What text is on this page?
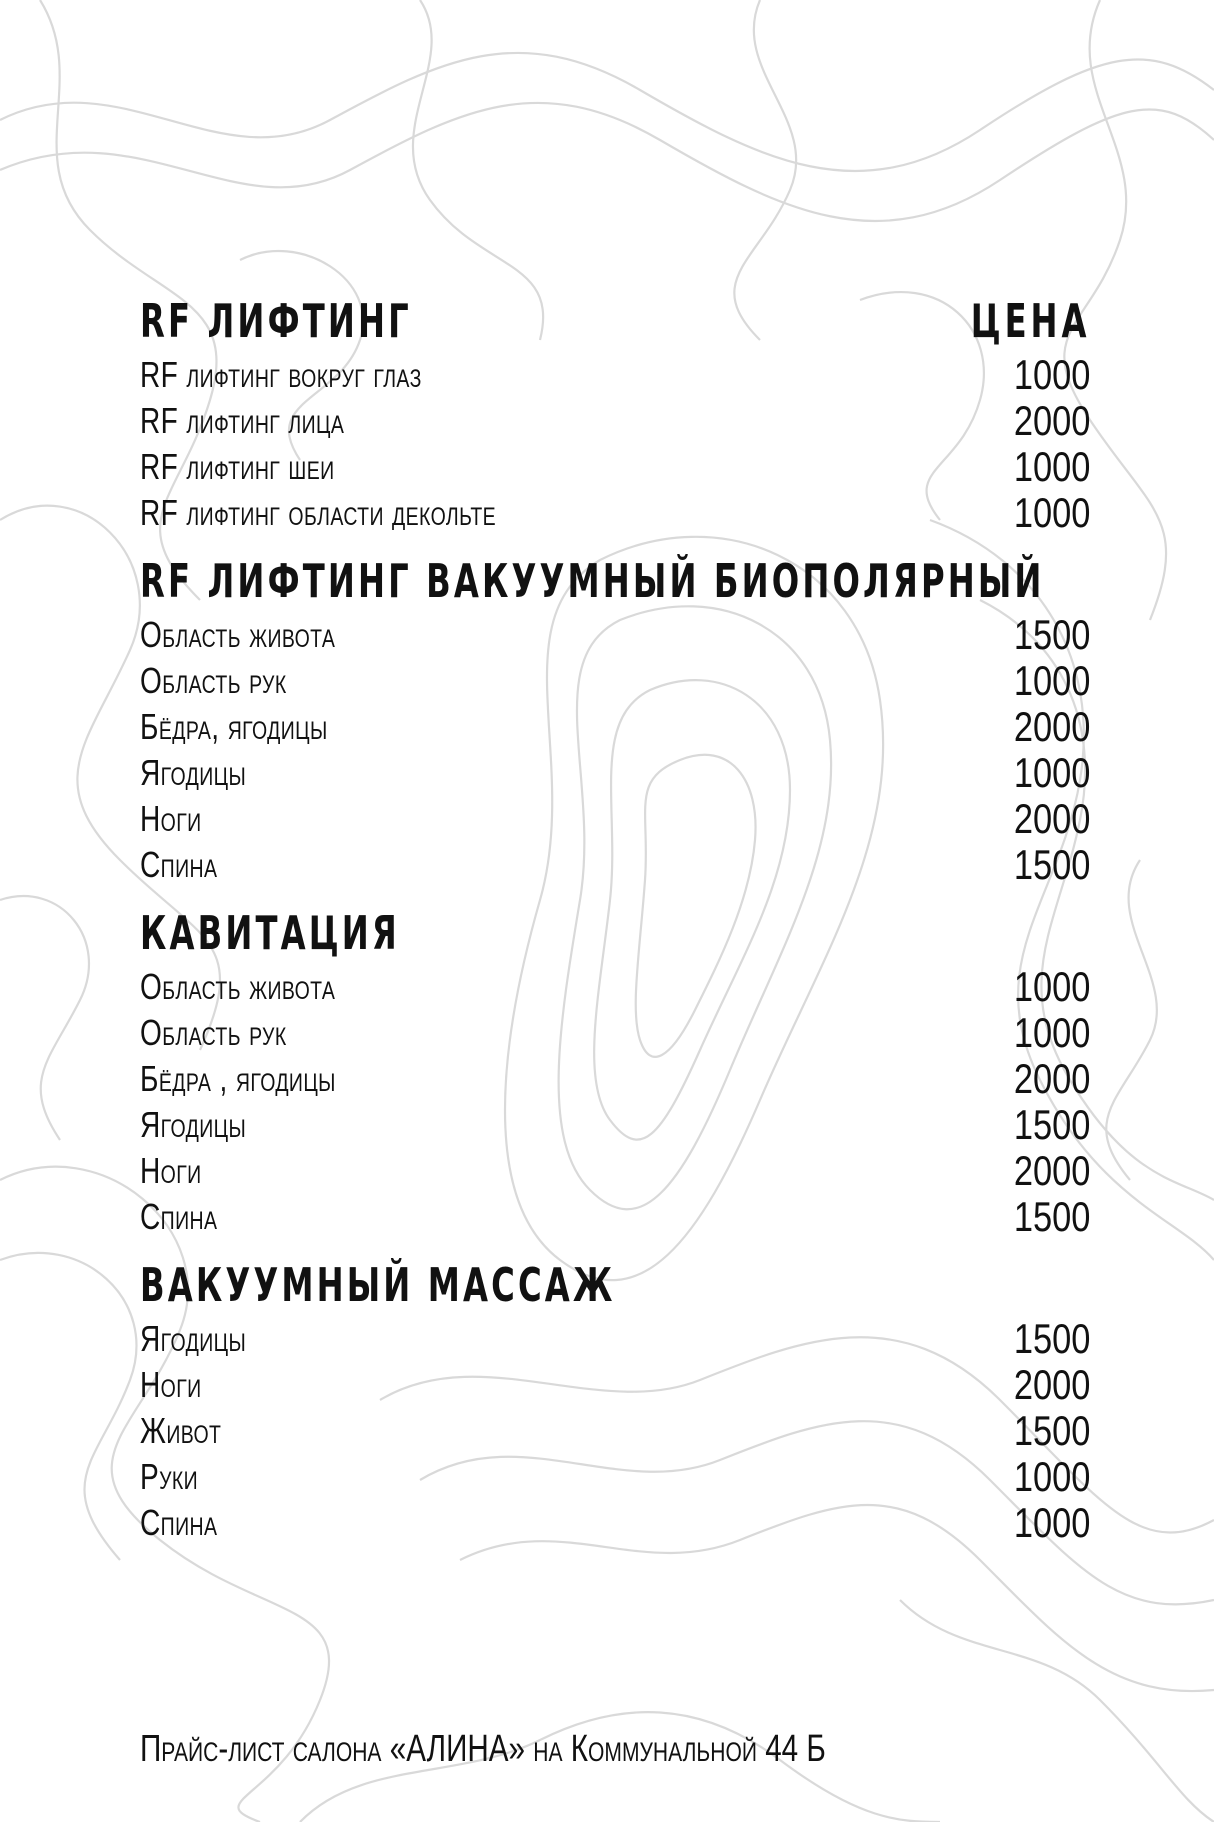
RF ЛИФТИНГ	ЦЕНА
RF лифтинг вокруг глаз	1000
RF лифтинг лица	2000
RF лифтинг шеи	1000
RF лифтинг области декольте	1000
RF ЛИФТИНГ ВАКУУМНЫЙ БИОПОЛЯРНЫЙ
Область живота	1500
Область рук	1000
Бёдра, ягодицы	2000
Ягодицы	1000
Ноги	2000
Спина	1500
КАВИТАЦИЯ
Область живота	1000
Область рук	1000
Бёдра , ягодицы	2000
Ягодицы	1500
Ноги	2000
Спина	1500
ВАКУУМНЫЙ МАССАЖ
Ягодицы	1500
Ноги	2000
Живот	1500
Руки	1000
Спина	1000
Прайс-лист салона «АЛИНА» на Коммунальной 44 Б
